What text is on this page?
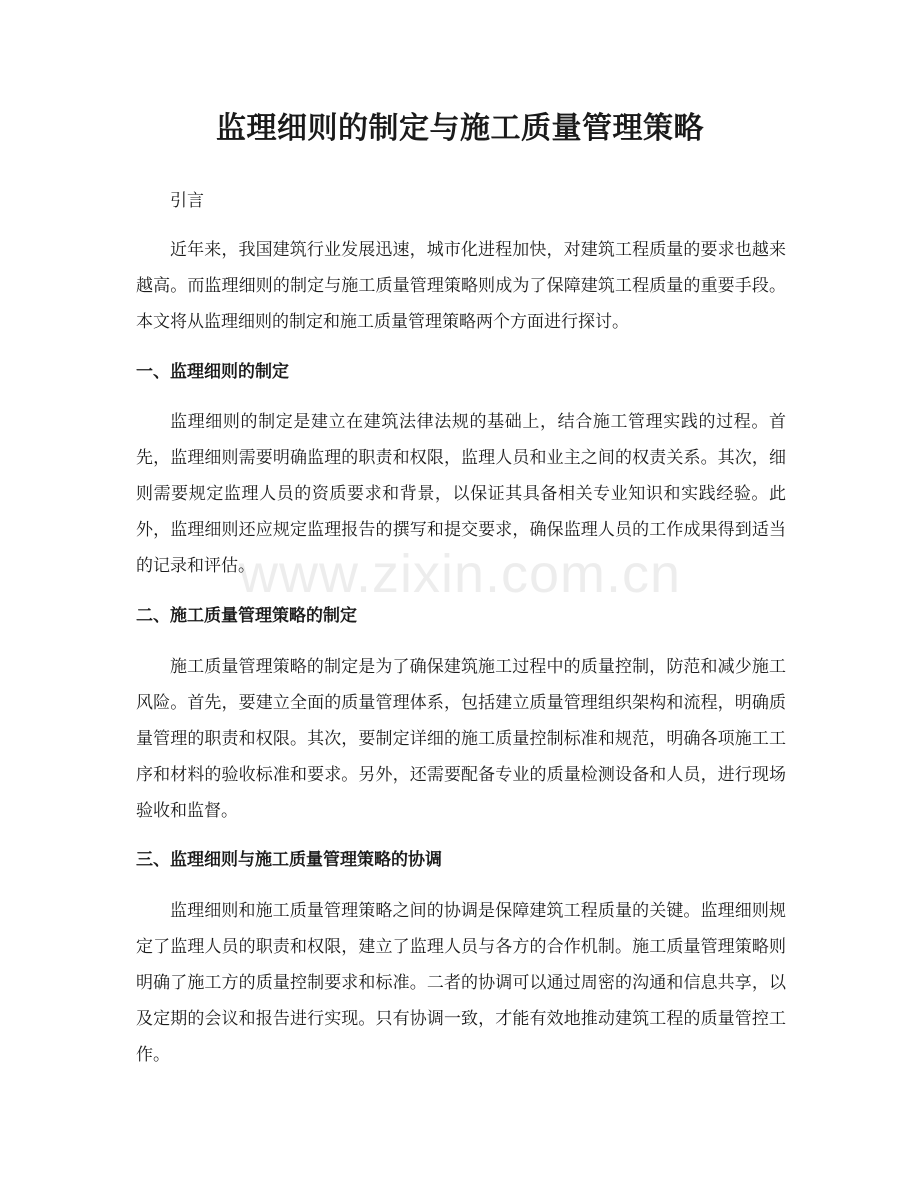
监理细则的制定与施工质量管理策略

引言

近年来，我国建筑行业发展迅速，城市化进程加快，对建筑工程质量的要求也越来越高。而监理细则的制定与施工质量管理策略则成为了保障建筑工程质量的重要手段。本文将从监理细则的制定和施工质量管理策略两个方面进行探讨。

一、监理细则的制定

监理细则的制定是建立在建筑法律法规的基础上，结合施工管理实践的过程。首先，监理细则需要明确监理的职责和权限，监理人员和业主之间的权责关系。其次，细则需要规定监理人员的资质要求和背景，以保证其具备相关专业知识和实践经验。此外，监理细则还应规定监理报告的撰写和提交要求，确保监理人员的工作成果得到适当的记录和评估。

二、施工质量管理策略的制定

施工质量管理策略的制定是为了确保建筑施工过程中的质量控制，防范和减少施工风险。首先，要建立全面的质量管理体系，包括建立质量管理组织架构和流程，明确质量管理的职责和权限。其次，要制定详细的施工质量控制标准和规范，明确各项施工工序和材料的验收标准和要求。另外，还需要配备专业的质量检测设备和人员，进行现场验收和监督。

三、监理细则与施工质量管理策略的协调

监理细则和施工质量管理策略之间的协调是保障建筑工程质量的关键。监理细则规定了监理人员的职责和权限，建立了监理人员与各方的合作机制。施工质量管理策略则明确了施工方的质量控制要求和标准。二者的协调可以通过周密的沟通和信息共享，以及定期的会议和报告进行实现。只有协调一致，才能有效地推动建筑工程的质量管控工作。

www.zixin.com.cn
